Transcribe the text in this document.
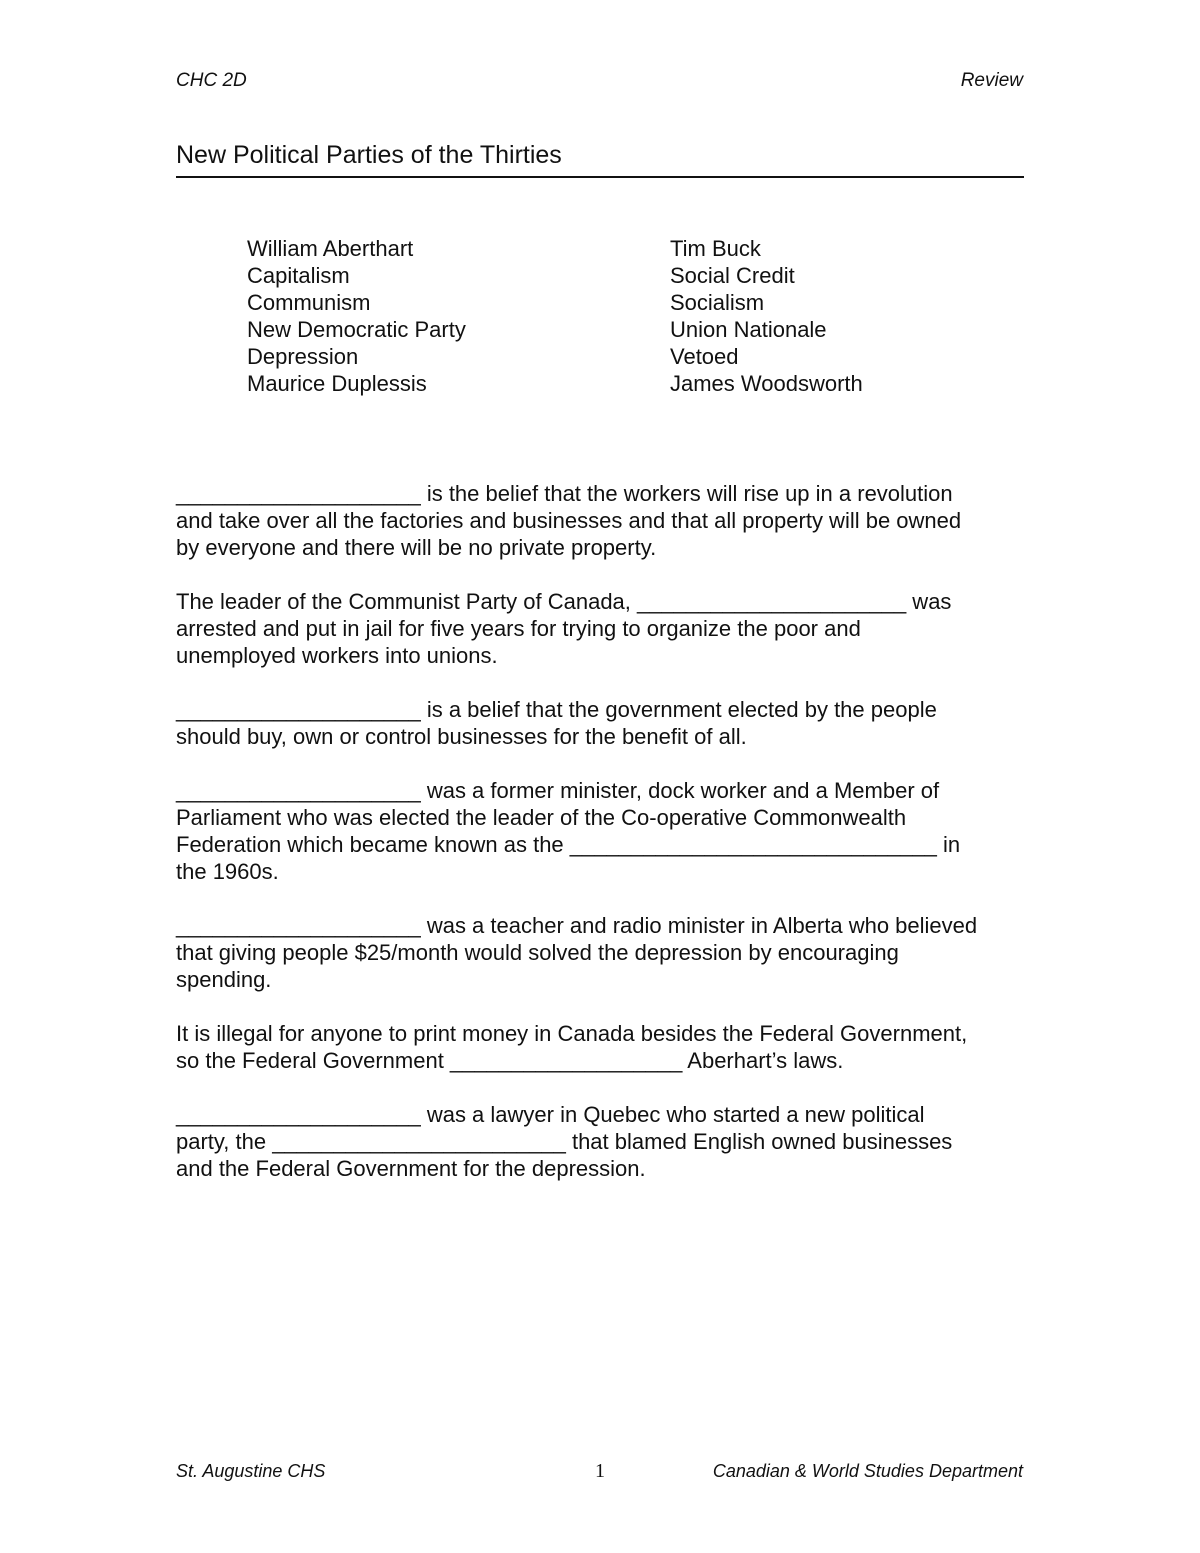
CHC 2D	Review
New Political Parties of the Thirties
William Aberthart
Capitalism
Communism
New Democratic Party
Depression
Maurice Duplessis
Tim Buck
Social Credit
Socialism
Union Nationale
Vetoed
James Woodsworth
____________________ is the belief that the workers will rise up in a revolution
and take over all the factories and businesses and that all property will be owned
by everyone and there will be no private property.
The leader of the Communist Party of Canada, ______________________ was
arrested and put in jail for five years for trying to organize the poor and
unemployed workers into unions.
____________________ is a belief that the government elected by the people
should buy, own or control businesses for the benefit of all.
____________________ was a former minister, dock worker and a Member of
Parliament who was elected the leader of the Co-operative Commonwealth
Federation which became known as the ______________________________ in
the 1960s.
____________________ was a teacher and radio minister in Alberta who believed
that giving people $25/month would solved the depression by encouraging
spending.
It is illegal for anyone to print money in Canada besides the Federal Government,
so the Federal Government ___________________ Aberhart’s laws.
____________________ was a lawyer in Quebec who started a new political
party, the ________________________ that blamed English owned businesses
and the Federal Government for the depression.
St. Augustine CHS	1	Canadian & World Studies Department
